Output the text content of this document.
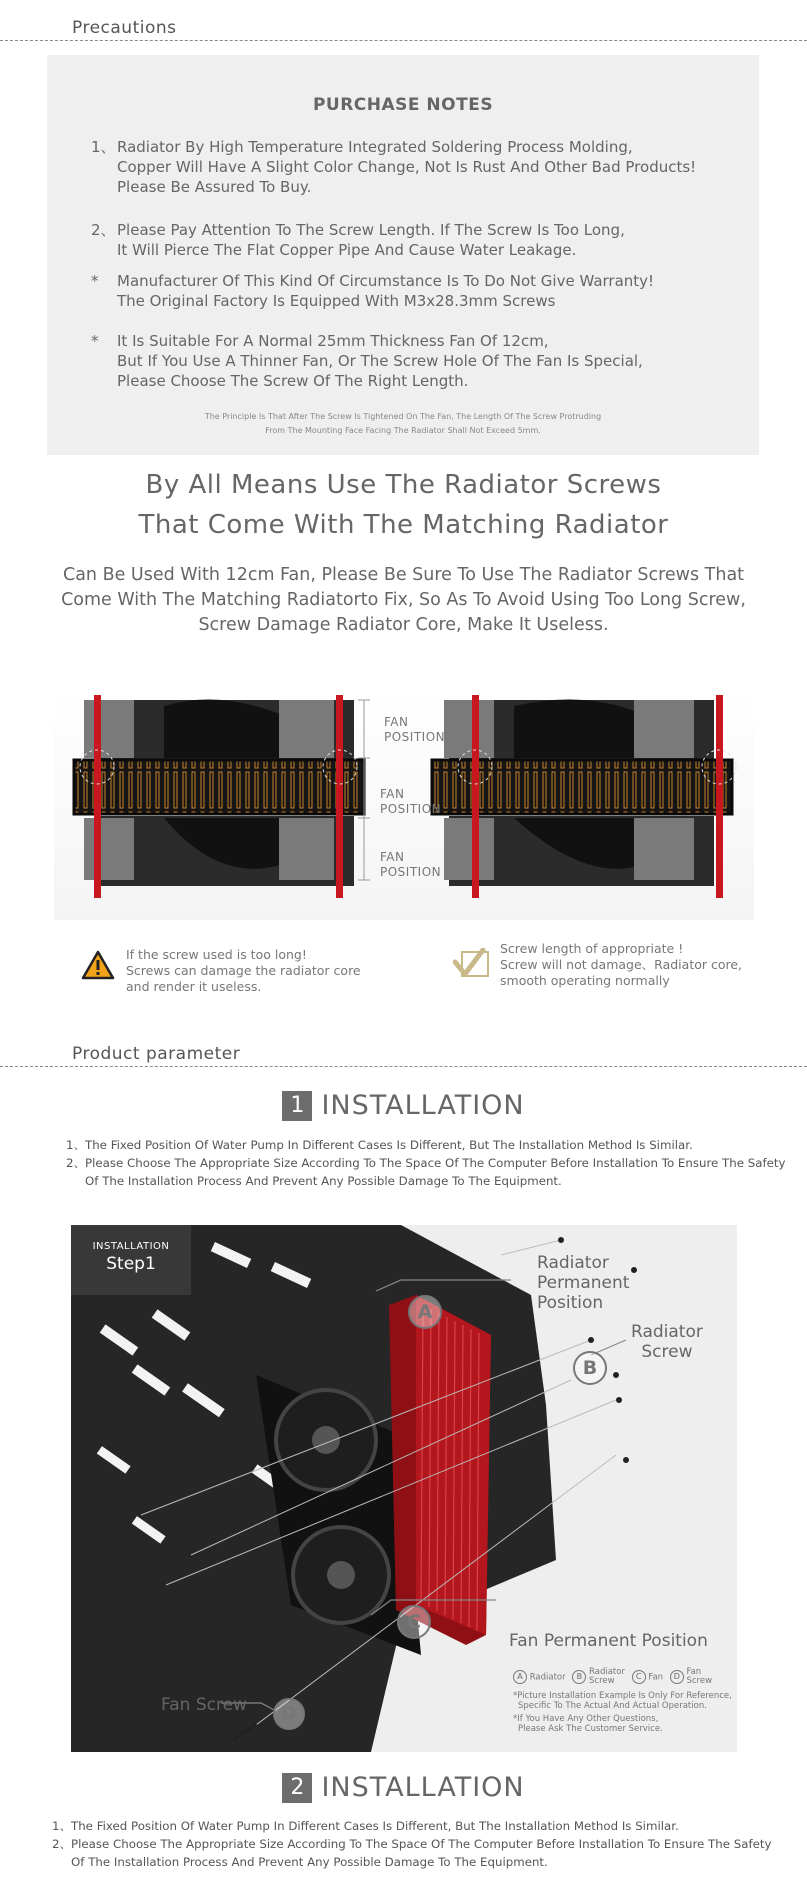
Precautions
PURCHASE NOTES
1、 Radiator By High Temperature Integrated Soldering Process Molding,
Copper Will Have A Slight Color Change, Not Is Rust And Other Bad Products!
Please Be Assured To Buy.
2、 Please Pay Attention To The Screw Length. If The Screw Is Too Long,
It Will Pierce The Flat Copper Pipe And Cause Water Leakage.
*	Manufacturer Of This Kind Of Circumstance Is To Do Not Give Warranty!
The Original Factory Is Equipped With M3x28.3mm Screws
*	It Is Suitable For A Normal 25mm Thickness Fan Of 12cm,
But If You Use A Thinner Fan, Or The Screw Hole Of The Fan Is Special,
Please Choose The Screw Of The Right Length.
The Principle Is That After The Screw Is Tightened On The Fan, The Length Of The Screw Protruding
From The Mounting Face Facing The Radiator Shall Not Exceed 5mm.
By All Means Use The Radiator Screws
That Come With The Matching Radiator
Can Be Used With 12cm Fan, Please Be Sure To Use The Radiator Screws That
Come With The Matching Radiatorto Fix, So As To Avoid Using Too Long Screw,
Screw Damage Radiator Core, Make It Useless.
FAN
POSITION
FAN
POSITION
FAN
POSITION
If the screw used is too long!
Screws can damage the radiator core
and render it useless.
Screw length of appropriate !
Screw will not damage、Radiator core,
smooth operating normally
Product parameter
1 INSTALLATION
1、 The Fixed Position Of Water Pump In Different Cases Is Different, But The Installation Method Is Similar.
2、 Please Choose The Appropriate Size According To The Space Of The Computer Before Installation To Ensure The Safety
Of The Installation Process And Prevent Any Possible Damage To The Equipment.
INSTALLATION
Step1
A
Radiator
Permanent
Position
B
Radiator
Screw
C
Fan Permanent Position
D
Fan Screw
A Radiator B Radiator
Screw	C Fan D Fan
Screw
*Picture Installation Example Is Only For Reference,
Specific To The Actual And Actual Operation.
*If You Have Any Other Questions,
Please Ask The Customer Service.
2 INSTALLATION
1、 The Fixed Position Of Water Pump In Different Cases Is Different, But The Installation Method Is Similar.
2、 Please Choose The Appropriate Size According To The Space Of The Computer Before Installation To Ensure The Safety
Of The Installation Process And Prevent Any Possible Damage To The Equipment.
